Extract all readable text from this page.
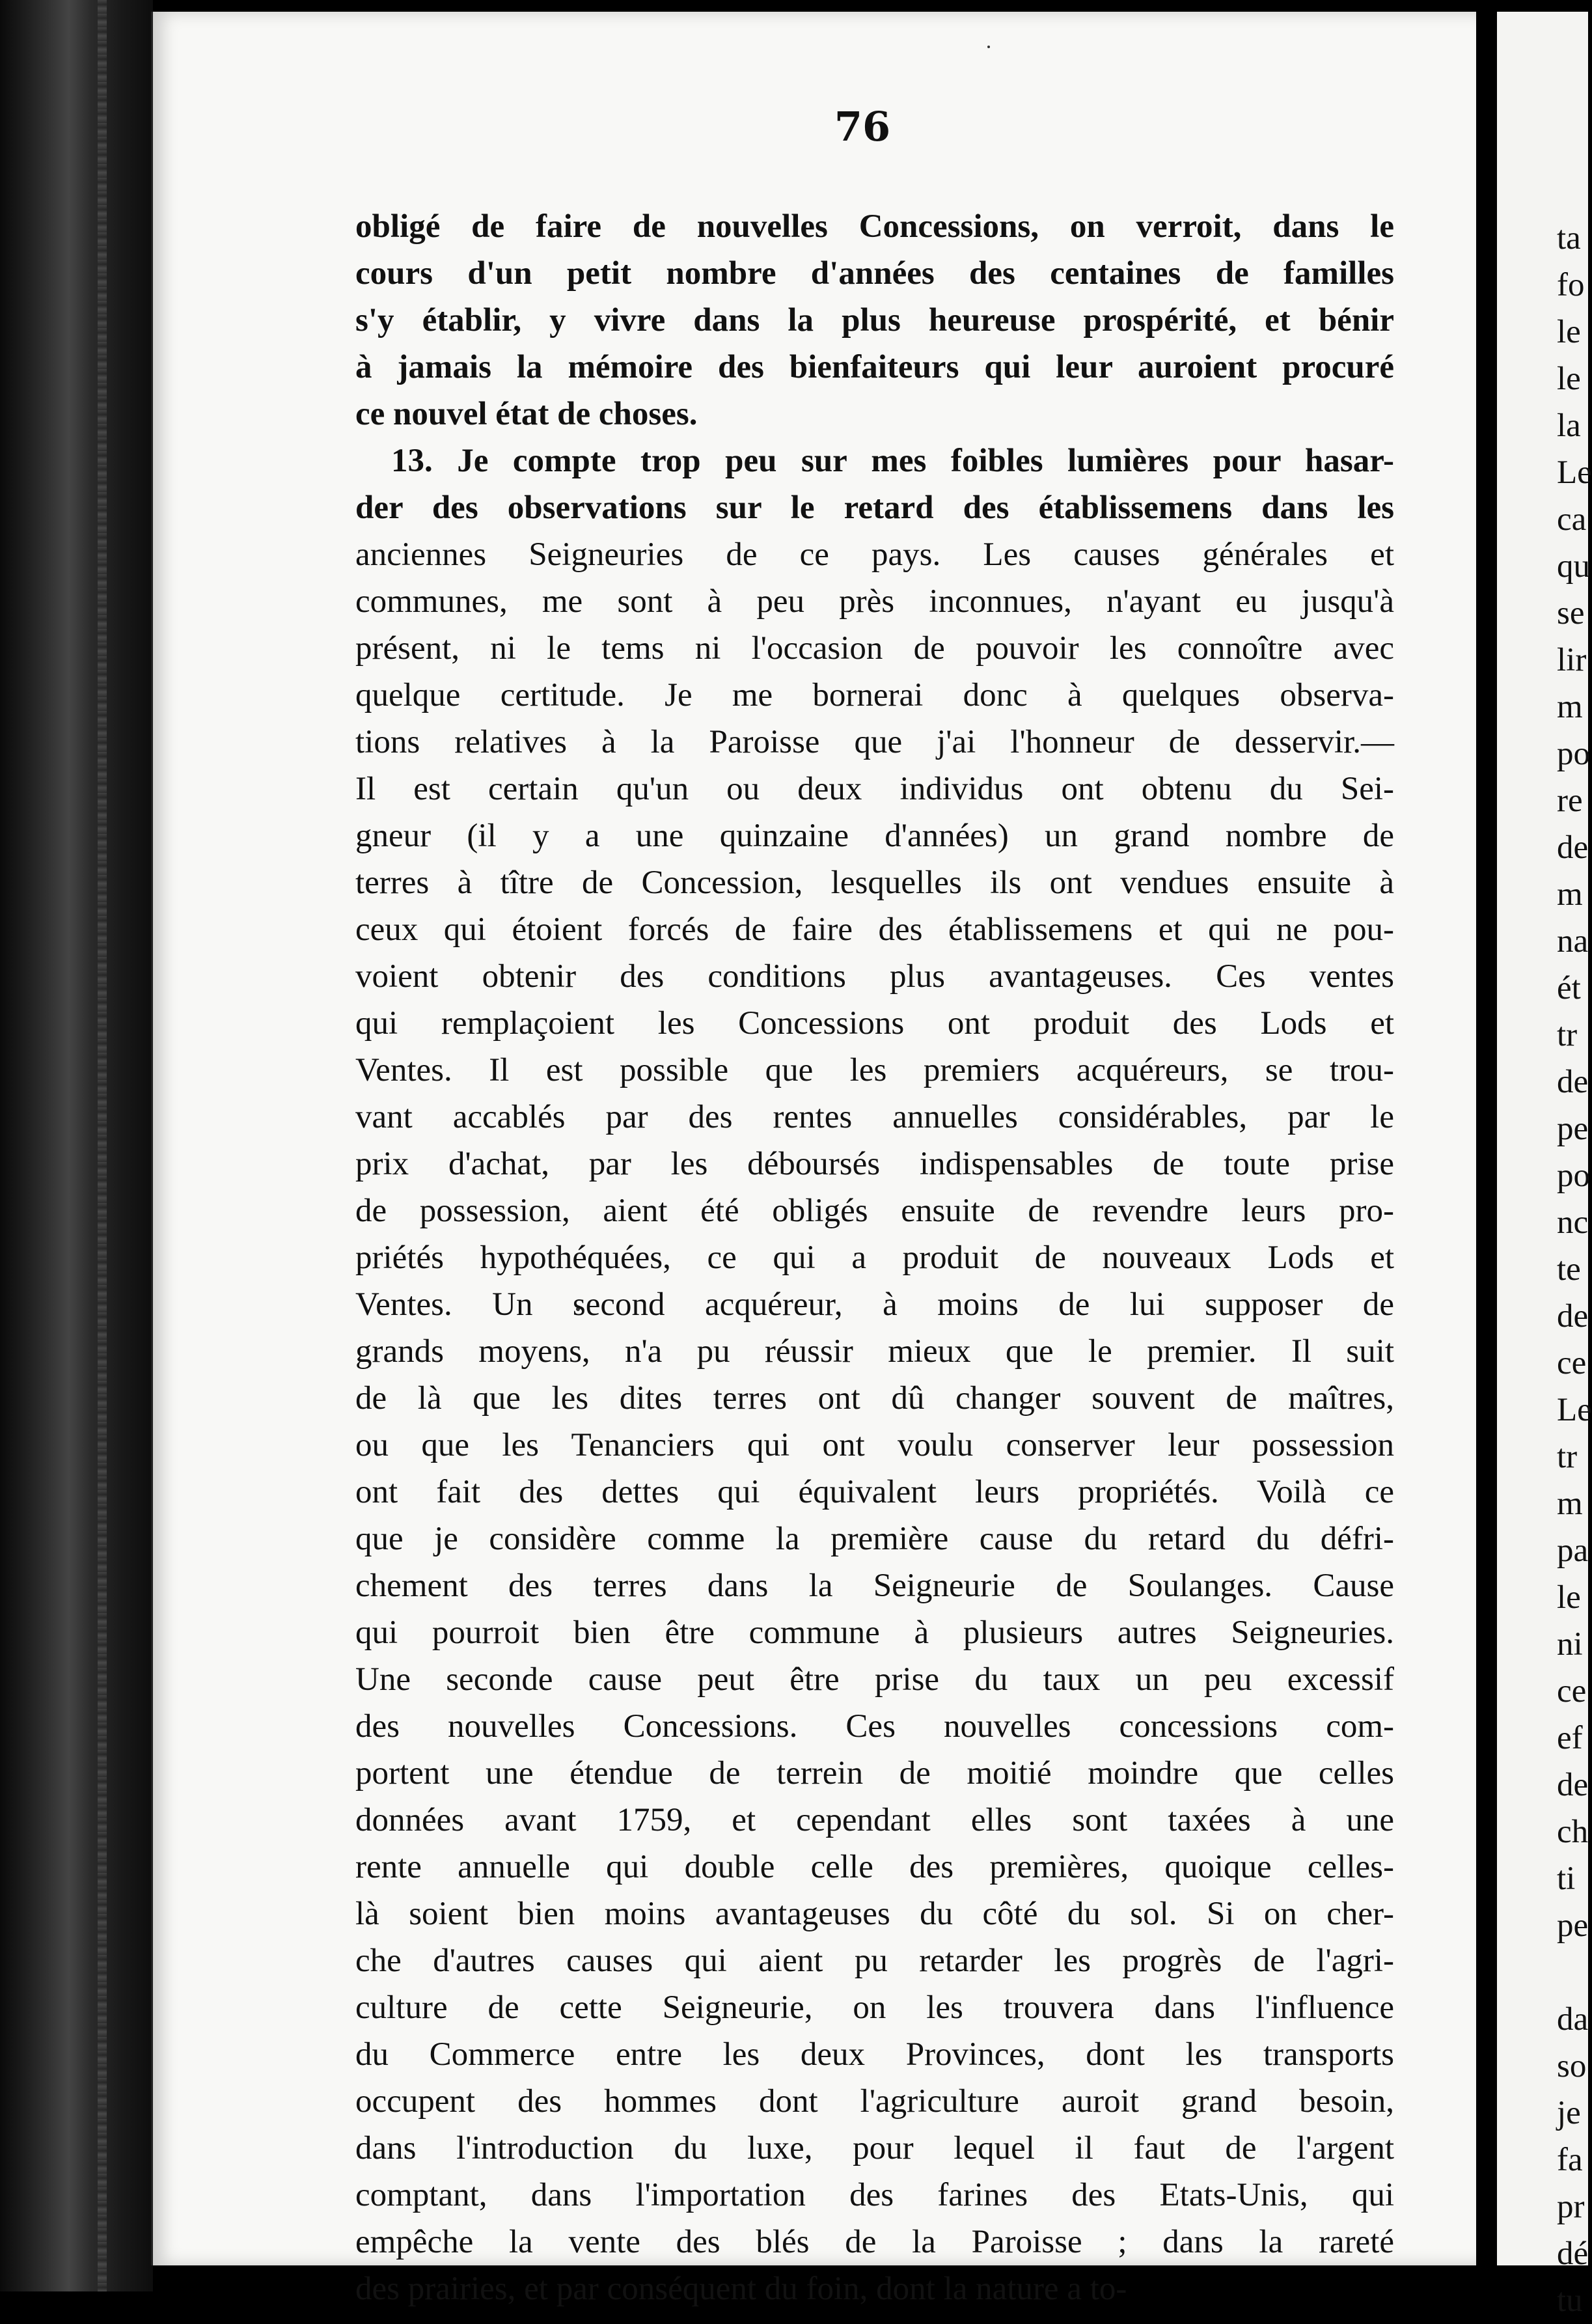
ta
fo
le
le
la
Le
ca
qu
se
lir
m
po
re
de
m
na
ét
tr
de
pe
po
nc
te
de
ce
Le
tr
m
pa
le
ni
ce
ef
de
ch
ti
pe
da
so
je
fa
pr
dé
tu

76

obligé de faire de nouvelles Concessions, on verroit, dans le
cours d'un petit nombre d'années des centaines de familles
s'y établir, y vivre dans la plus heureuse prospérité, et bénir
à jamais la mémoire des bienfaiteurs qui leur auroient procuré
ce nouvel état de choses.
13. Je compte trop peu sur mes foibles lumières pour hasar-
der des observations sur le retard des établissemens dans les
anciennes Seigneuries de ce pays. Les causes générales et
communes, me sont à peu près inconnues, n'ayant eu jusqu'à
présent, ni le tems ni l'occasion de pouvoir les connoître avec
quelque certitude. Je me bornerai donc à quelques observa-
tions relatives à la Paroisse que j'ai l'honneur de desservir.—
Il est certain qu'un ou deux individus ont obtenu du Sei-
gneur (il y a une quinzaine d'années) un grand nombre de
terres à tître de Concession, lesquelles ils ont vendues ensuite à
ceux qui étoient forcés de faire des établissemens et qui ne pou-
voient obtenir des conditions plus avantageuses. Ces ventes
qui remplaçoient les Concessions ont produit des Lods et
Ventes. Il est possible que les premiers acquéreurs, se trou-
vant accablés par des rentes annuelles considérables, par le
prix d'achat, par les déboursés indispensables de toute prise
de possession, aient été obligés ensuite de revendre leurs pro-
priétés hypothéquées, ce qui a produit de nouveaux Lods et
Ventes. Un second acquéreur, à moins de lui supposer de
grands moyens, n'a pu réussir mieux que le premier. Il suit
de là que les dites terres ont dû changer souvent de maîtres,
ou que les Tenanciers qui ont voulu conserver leur possession
ont fait des dettes qui équivalent leurs propriétés. Voilà ce
que je considère comme la première cause du retard du défri-
chement des terres dans la Seigneurie de Soulanges. Cause
qui pourroit bien être commune à plusieurs autres Seigneuries.
Une seconde cause peut être prise du taux un peu excessif
des nouvelles Concessions. Ces nouvelles concessions com-
portent une étendue de terrein de moitié moindre que celles
données avant 1759, et cependant elles sont taxées à une
rente annuelle qui double celle des premières, quoique celles-
là soient bien moins avantageuses du côté du sol. Si on cher-
che d'autres causes qui aient pu retarder les progrès de l'agri-
culture de cette Seigneurie, on les trouvera dans l'influence
du Commerce entre les deux Provinces, dont les transports
occupent des hommes dont l'agriculture auroit grand besoin,
dans l'introduction du luxe, pour lequel il faut de l'argent
comptant, dans l'importation des farines des Etats-Unis, qui
empêche la vente des blés de la Paroisse ; dans la rareté
des prairies, et par conséquent du foin, dont la nature a to-
